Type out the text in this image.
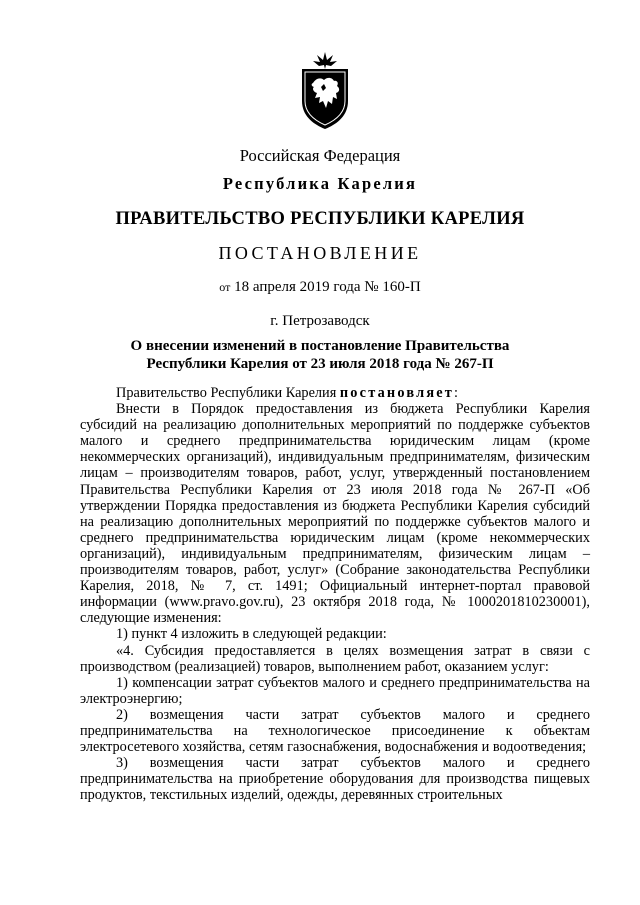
Российская Федерация
Республика Карелия
ПРАВИТЕЛЬСТВО РЕСПУБЛИКИ КАРЕЛИЯ
ПОСТАНОВЛЕНИЕ
от 18 апреля 2019 года № 160-П
г. Петрозаводск
О внесении изменений в постановление Правительства
Республики Карелия от 23 июля 2018 года № 267-П

Правительство Республики Карелия постановляет:

Внести в Порядок предоставления из бюджета Республики Карелия субсидий на реализацию дополнительных мероприятий по поддержке субъектов малого и среднего предпринимательства юридическим лицам (кроме некоммерческих организаций), индивидуальным предпринимателям, физическим лицам – производителям товаров, работ, услуг, утвержденный постановлением Правительства Республики Карелия от 23 июля 2018 года № 267-П «Об утверждении Порядка предоставления из бюджета Республики Карелия субсидий на реализацию дополнительных мероприятий по поддержке субъектов малого и среднего предпринимательства юридическим лицам (кроме некоммерческих организаций), индивидуальным предпринимателям, физическим лицам – производителям товаров, работ, услуг» (Собрание законодательства Республики Карелия, 2018, № 7, ст. 1491; Официальный интернет-портал правовой информации (www.pravo.gov.ru), 23 октября 2018 года, № 1000201810230001), следующие изменения:

1) пункт 4 изложить в следующей редакции:

«4. Субсидия предоставляется в целях возмещения затрат в связи с производством (реализацией) товаров, выполнением работ, оказанием услуг:

1) компенсации затрат субъектов малого и среднего предпринимательства на электроэнергию;

2) возмещения части затрат субъектов малого и среднего предпринимательства на технологическое присоединение к объектам электросетевого хозяйства, сетям газоснабжения, водоснабжения и водоотведения;

3) возмещения части затрат субъектов малого и среднего предпринимательства на приобретение оборудования для производства пищевых продуктов, текстильных изделий, одежды, деревянных строительных
